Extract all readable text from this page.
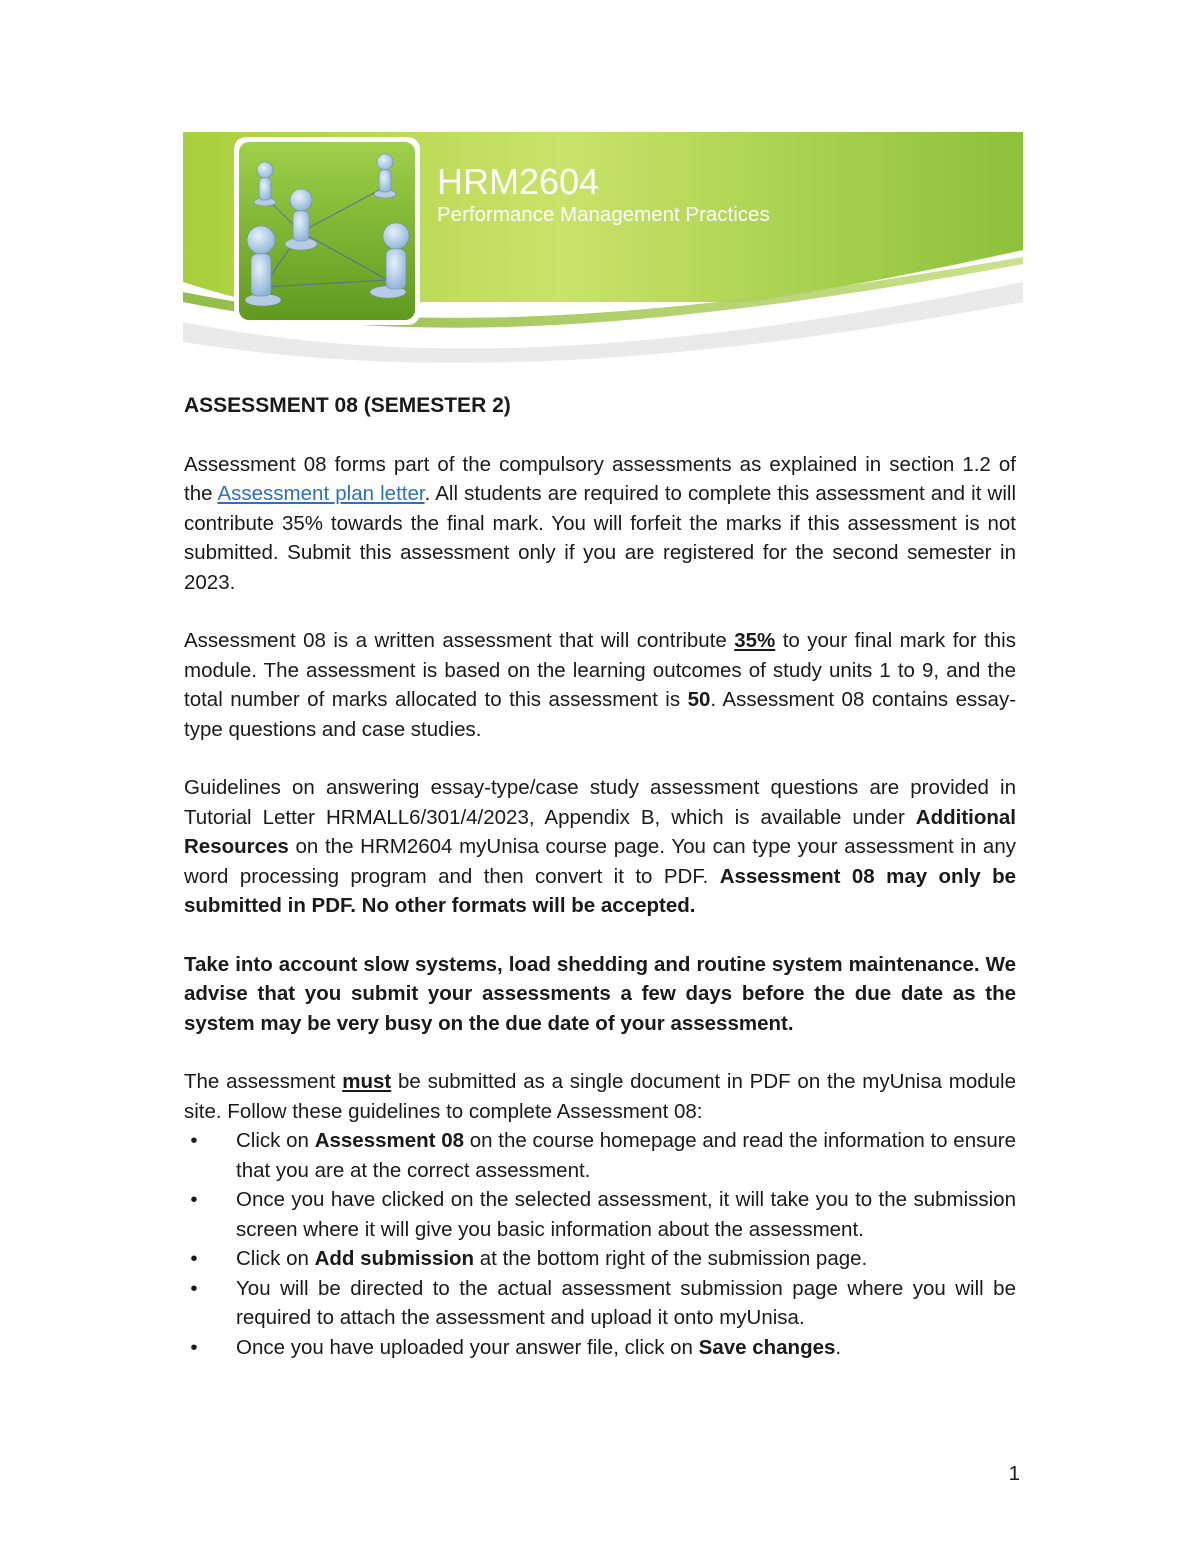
HRM2604
Performance Management Practices
ASSESSMENT 08 (SEMESTER 2)

Assessment 08 forms part of the compulsory assessments as explained in section 1.2 of the Assessment plan letter. All students are required to complete this assessment and it will contribute 35% towards the final mark. You will forfeit the marks if this assessment is not submitted. Submit this assessment only if you are registered for the second semester in 2023.

Assessment 08 is a written assessment that will contribute 35% to your final mark for this module. The assessment is based on the learning outcomes of study units 1 to 9, and the total number of marks allocated to this assessment is 50. Assessment 08 contains essay-type questions and case studies.

Guidelines on answering essay-type/case study assessment questions are provided in Tutorial Letter HRMALL6/301/4/2023, Appendix B, which is available under Additional Resources on the HRM2604 myUnisa course page. You can type your assessment in any word processing program and then convert it to PDF. Assessment 08 may only be submitted in PDF. No other formats will be accepted.

Take into account slow systems, load shedding and routine system maintenance. We advise that you submit your assessments a few days before the due date as the system may be very busy on the due date of your assessment.

The assessment must be submitted as a single document in PDF on the myUnisa module site. Follow these guidelines to complete Assessment 08:

•	Click on Assessment 08 on the course homepage and read the information to ensure that you are at the correct assessment.
•	Once you have clicked on the selected assessment, it will take you to the submission screen where it will give you basic information about the assessment.
•	Click on Add submission at the bottom right of the submission page.
•	You will be directed to the actual assessment submission page where you will be required to attach the assessment and upload it onto myUnisa.
•	Once you have uploaded your answer file, click on Save changes.
1
